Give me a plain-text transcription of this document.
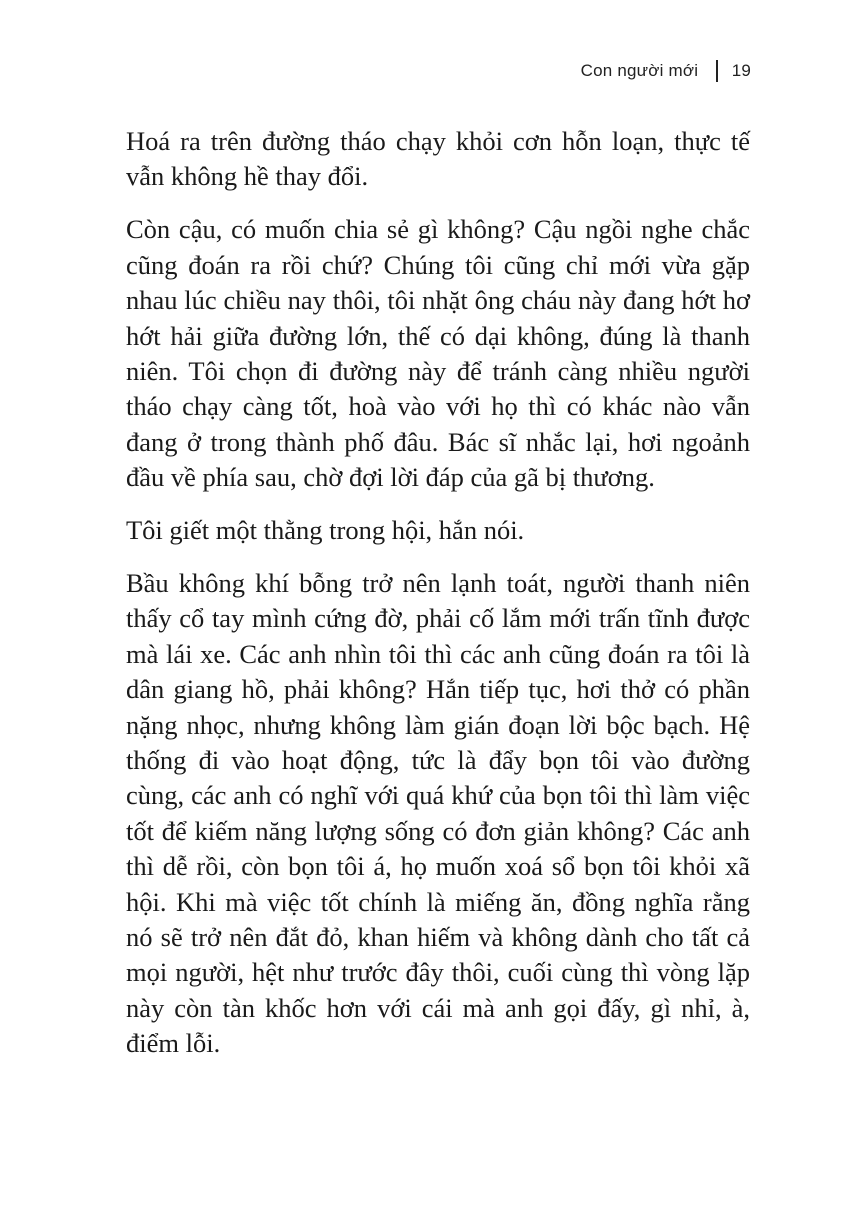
Con người mới 19

Hoá ra trên đường tháo chạy khỏi cơn hỗn loạn, thực tế vẫn không hề thay đổi.

Còn cậu, có muốn chia sẻ gì không? Cậu ngồi nghe chắc cũng đoán ra rồi chứ? Chúng tôi cũng chỉ mới vừa gặp nhau lúc chiều nay thôi, tôi nhặt ông cháu này đang hớt hơ hớt hải giữa đường lớn, thế có dại không, đúng là thanh niên. Tôi chọn đi đường này để tránh càng nhiều người tháo chạy càng tốt, hoà vào với họ thì có khác nào vẫn đang ở trong thành phố đâu. Bác sĩ nhắc lại, hơi ngoảnh đầu về phía sau, chờ đợi lời đáp của gã bị thương.

Tôi giết một thằng trong hội, hắn nói.

Bầu không khí bỗng trở nên lạnh toát, người thanh niên thấy cổ tay mình cứng đờ, phải cố lắm mới trấn tĩnh được mà lái xe. Các anh nhìn tôi thì các anh cũng đoán ra tôi là dân giang hồ, phải không? Hắn tiếp tục, hơi thở có phần nặng nhọc, nhưng không làm gián đoạn lời bộc bạch. Hệ thống đi vào hoạt động, tức là đẩy bọn tôi vào đường cùng, các anh có nghĩ với quá khứ của bọn tôi thì làm việc tốt để kiếm năng lượng sống có đơn giản không? Các anh thì dễ rồi, còn bọn tôi á, họ muốn xoá sổ bọn tôi khỏi xã hội. Khi mà việc tốt chính là miếng ăn, đồng nghĩa rằng nó sẽ trở nên đắt đỏ, khan hiếm và không dành cho tất cả mọi người, hệt như trước đây thôi, cuối cùng thì vòng lặp này còn tàn khốc hơn với cái mà anh gọi đấy, gì nhỉ, à, điểm lỗi.
